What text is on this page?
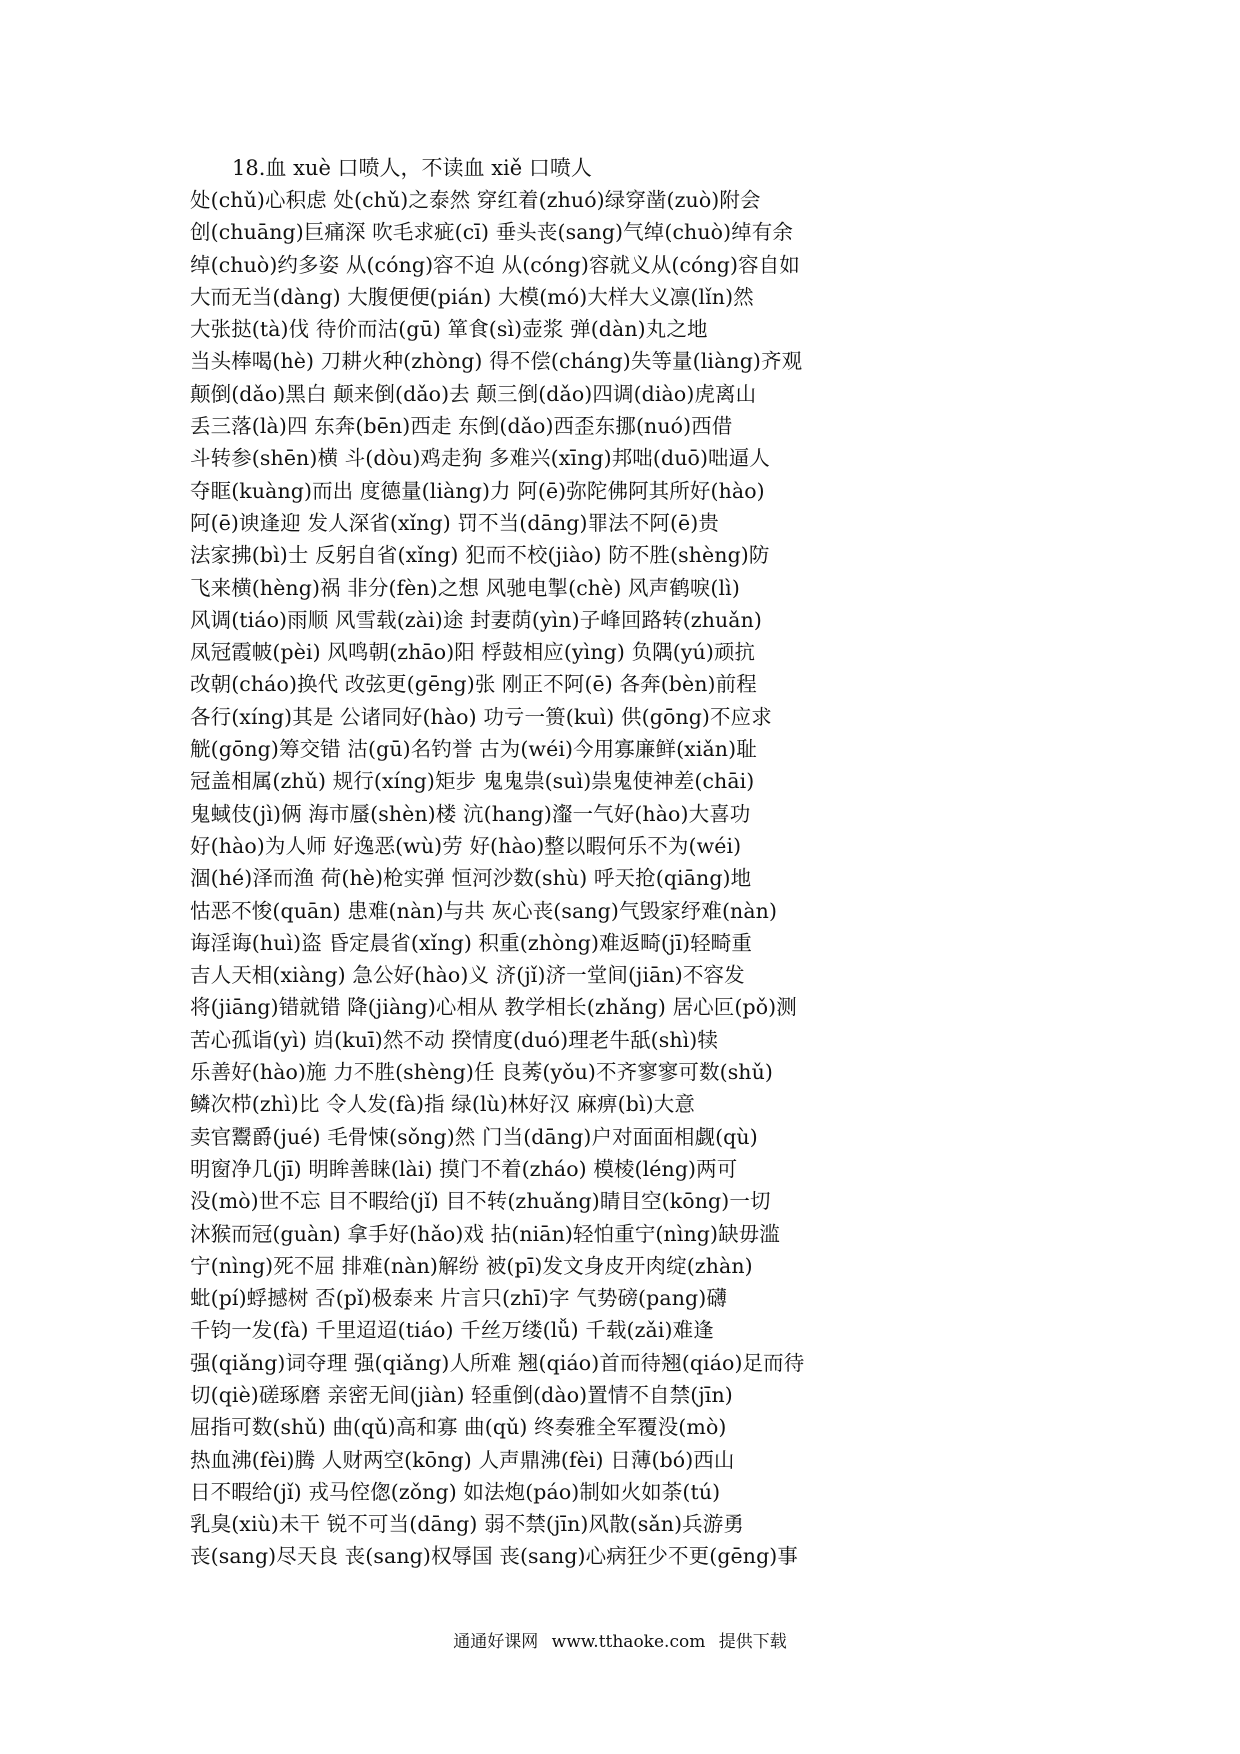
18.血 xuè 口喷人，不读血 xiě 口喷人
处(chǔ)心积虑 处(chǔ)之泰然 穿红着(zhuó)绿穿凿(zuò)附会
创(chuāng)巨痛深 吹毛求疵(cī) 垂头丧(sang)气绰(chuò)绰有余
绰(chuò)约多姿 从(cóng)容不迫 从(cóng)容就义从(cóng)容自如
大而无当(dàng) 大腹便便(pián) 大模(mó)大样大义凛(lǐn)然
大张挞(tà)伐 待价而沽(gū) 箪食(sì)壶浆 弹(dàn)丸之地
当头棒喝(hè) 刀耕火种(zhòng) 得不偿(cháng)失等量(liàng)齐观
颠倒(dǎo)黑白 颠来倒(dǎo)去 颠三倒(dǎo)四调(diào)虎离山
丢三落(là)四 东奔(bēn)西走 东倒(dǎo)西歪东挪(nuó)西借
斗转参(shēn)横 斗(dòu)鸡走狗 多难兴(xīng)邦咄(duō)咄逼人
夺眶(kuàng)而出 度德量(liàng)力 阿(ē)弥陀佛阿其所好(hào)
阿(ē)谀逢迎 发人深省(xǐng) 罚不当(dāng)罪法不阿(ē)贵
法家拂(bì)士 反躬自省(xǐng) 犯而不校(jiào) 防不胜(shèng)防
飞来横(hèng)祸 非分(fèn)之想 风驰电掣(chè) 风声鹤唳(lì)
风调(tiáo)雨顺 风雪载(zài)途 封妻荫(yìn)子峰回路转(zhuǎn)
凤冠霞帔(pèi) 风鸣朝(zhāo)阳 桴鼓相应(yìng) 负隅(yú)顽抗
改朝(cháo)换代 改弦更(gēng)张 刚正不阿(ē) 各奔(bèn)前程
各行(xíng)其是 公诸同好(hào) 功亏一篑(kuì) 供(gōng)不应求
觥(gōng)筹交错 沽(gū)名钓誉 古为(wéi)今用寡廉鲜(xiǎn)耻
冠盖相属(zhǔ) 规行(xíng)矩步 鬼鬼祟(suì)祟鬼使神差(chāi)
鬼蜮伎(jì)俩 海市蜃(shèn)楼 沆(hang)瀣一气好(hào)大喜功
好(hào)为人师 好逸恶(wù)劳 好(hào)整以暇何乐不为(wéi)
涸(hé)泽而渔 荷(hè)枪实弹 恒河沙数(shù) 呼天抢(qiāng)地
怙恶不悛(quān) 患难(nàn)与共 灰心丧(sang)气毁家纾难(nàn)
诲淫诲(huì)盗 昏定晨省(xǐng) 积重(zhòng)难返畸(jī)轻畸重
吉人天相(xiàng) 急公好(hào)义 济(jǐ)济一堂间(jiān)不容发
将(jiāng)错就错 降(jiàng)心相从 教学相长(zhǎng) 居心叵(pǒ)测
苦心孤诣(yì) 岿(kuī)然不动 揆情度(duó)理老牛舐(shì)犊
乐善好(hào)施 力不胜(shèng)任 良莠(yǒu)不齐寥寥可数(shǔ)
鳞次栉(zhì)比 令人发(fà)指 绿(lù)林好汉 麻痹(bì)大意
卖官鬻爵(jué) 毛骨悚(sǒng)然 门当(dāng)户对面面相觑(qù)
明窗净几(jī) 明眸善睐(lài) 摸门不着(zháo) 模棱(léng)两可
没(mò)世不忘 目不暇给(jǐ) 目不转(zhuǎng)睛目空(kōng)一切
沐猴而冠(guàn) 拿手好(hǎo)戏 拈(niān)轻怕重宁(nìng)缺毋滥
宁(nìng)死不屈 排难(nàn)解纷 被(pī)发文身皮开肉绽(zhàn)
蚍(pí)蜉撼树 否(pǐ)极泰来 片言只(zhī)字 气势磅(pang)礴
千钧一发(fà) 千里迢迢(tiáo) 千丝万缕(lǚ) 千载(zǎi)难逢
强(qiǎng)词夺理 强(qiǎng)人所难 翘(qiáo)首而待翘(qiáo)足而待
切(qiè)磋琢磨 亲密无间(jiàn) 轻重倒(dào)置情不自禁(jīn)
屈指可数(shǔ) 曲(qǔ)高和寡 曲(qǔ) 终奏雅全军覆没(mò)
热血沸(fèi)腾 人财两空(kōng) 人声鼎沸(fèi) 日薄(bó)西山
日不暇给(jǐ) 戎马倥偬(zǒng) 如法炮(páo)制如火如荼(tú)
乳臭(xiù)未干 锐不可当(dāng) 弱不禁(jīn)风散(sǎn)兵游勇
丧(sang)尽天良 丧(sang)权辱国 丧(sang)心病狂少不更(gēng)事
通通好课网 www.tthaoke.com 提供下载
